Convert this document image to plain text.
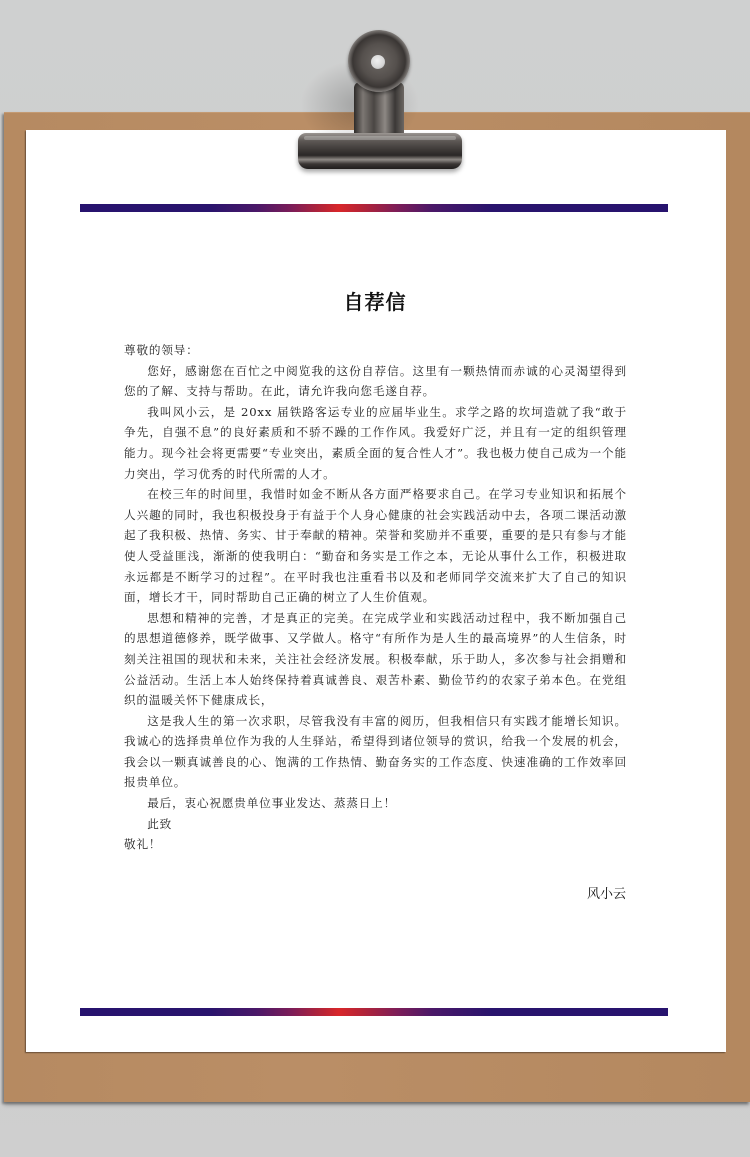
自荐信

尊敬的领导：

您好，感谢您在百忙之中阅览我的这份自荐信。这里有一颗热情而赤诚的心灵渴望得到您的了解、支持与帮助。在此，请允许我向您毛遂自荐。

我叫风小云，是 20xx 届铁路客运专业的应届毕业生。求学之路的坎坷造就了我“敢于争先，自强不息”的良好素质和不骄不躁的工作作风。我爱好广泛，并且有一定的组织管理能力。现今社会将更需要“专业突出，素质全面的复合性人才”。我也极力使自己成为一个能力突出，学习优秀的时代所需的人才。

在校三年的时间里，我惜时如金不断从各方面严格要求自己。在学习专业知识和拓展个人兴趣的同时，我也积极投身于有益于个人身心健康的社会实践活动中去，各项二课活动激起了我积极、热情、务实、甘于奉献的精神。荣誉和奖励并不重要，重要的是只有参与才能使人受益匪浅，渐渐的使我明白：“勤奋和务实是工作之本，无论从事什么工作，积极进取永远都是不断学习的过程”。在平时我也注重看书以及和老师同学交流来扩大了自己的知识面，增长才干，同时帮助自己正确的树立了人生价值观。

思想和精神的完善，才是真正的完美。在完成学业和实践活动过程中，我不断加强自己的思想道德修养，既学做事、又学做人。格守“有所作为是人生的最高境界”的人生信条，时刻关注祖国的现状和未来，关注社会经济发展。积极奉献，乐于助人，多次参与社会捐赠和公益活动。生活上本人始终保持着真诚善良、艰苦朴素、勤俭节约的农家子弟本色。在党组织的温暖关怀下健康成长，

这是我人生的第一次求职，尽管我没有丰富的阅历，但我相信只有实践才能增长知识。我诚心的选择贵单位作为我的人生驿站，希望得到诸位领导的赏识，给我一个发展的机会，我会以一颗真诚善良的心、饱满的工作热情、勤奋务实的工作态度、快速准确的工作效率回报贵单位。

最后，衷心祝愿贵单位事业发达、蒸蒸日上！

此致

敬礼！

风小云
